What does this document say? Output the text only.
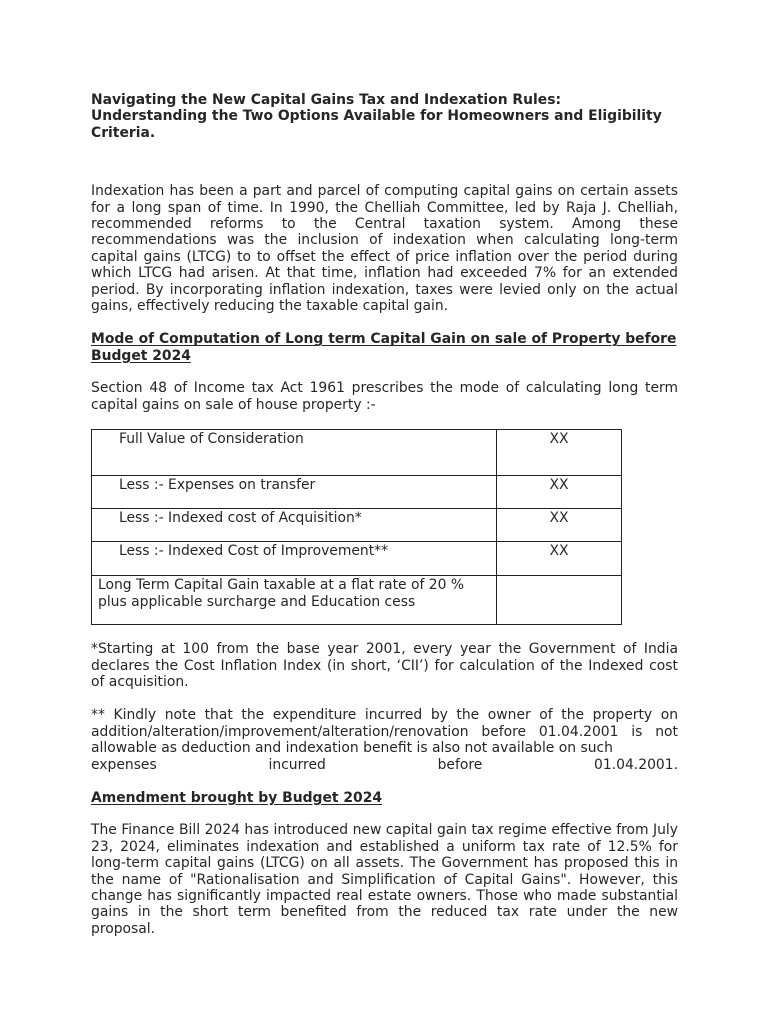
Navigating the New Capital Gains Tax and Indexation Rules:
Understanding the Two Options Available for Homeowners and Eligibility
Criteria.

Indexation has been a part and parcel of computing capital gains on certain assets for a long span of time. In 1990, the Chelliah Committee, led by Raja J. Chelliah, recommended reforms to the Central taxation system. Among these recommendations was the inclusion of indexation when calculating long-term capital gains (LTCG) to to offset the effect of price inflation over the period during which LTCG had arisen. At that time, inflation had exceeded 7% for an extended period. By incorporating inflation indexation, taxes were levied only on the actual gains, effectively reducing the taxable capital gain.

Mode of Computation of Long term Capital Gain on sale of Property before Budget 2024

Section 48 of Income tax Act 1961 prescribes the mode of calculating long term capital gains on sale of house property :-

Full Value of Consideration	XX
Less :- Expenses on transfer	XX
Less :- Indexed cost of Acquisition*	XX
Less :- Indexed Cost of Improvement**	XX
Long Term Capital Gain taxable at a flat rate of 20 % plus applicable surcharge and Education cess	

*Starting at 100 from the base year 2001, every year the Government of India declares the Cost Inflation Index (in short, ‘CII’) for calculation of the Indexed cost of acquisition.

** Kindly note that the expenditure incurred by the owner of the property on addition/alteration/improvement/alteration/renovation before 01.04.2001 is not allowable as deduction and indexation benefit is also not available on such

expenses incurred before 01.04.2001.

Amendment brought by Budget 2024

The Finance Bill 2024 has introduced new capital gain tax regime effective from July 23, 2024, eliminates indexation and established a uniform tax rate of 12.5% for long-term capital gains (LTCG) on all assets. The Government has proposed this in the name of "Rationalisation and Simplification of Capital Gains". However, this change has significantly impacted real estate owners. Those who made substantial gains in the short term benefited from the reduced tax rate under the new proposal.
